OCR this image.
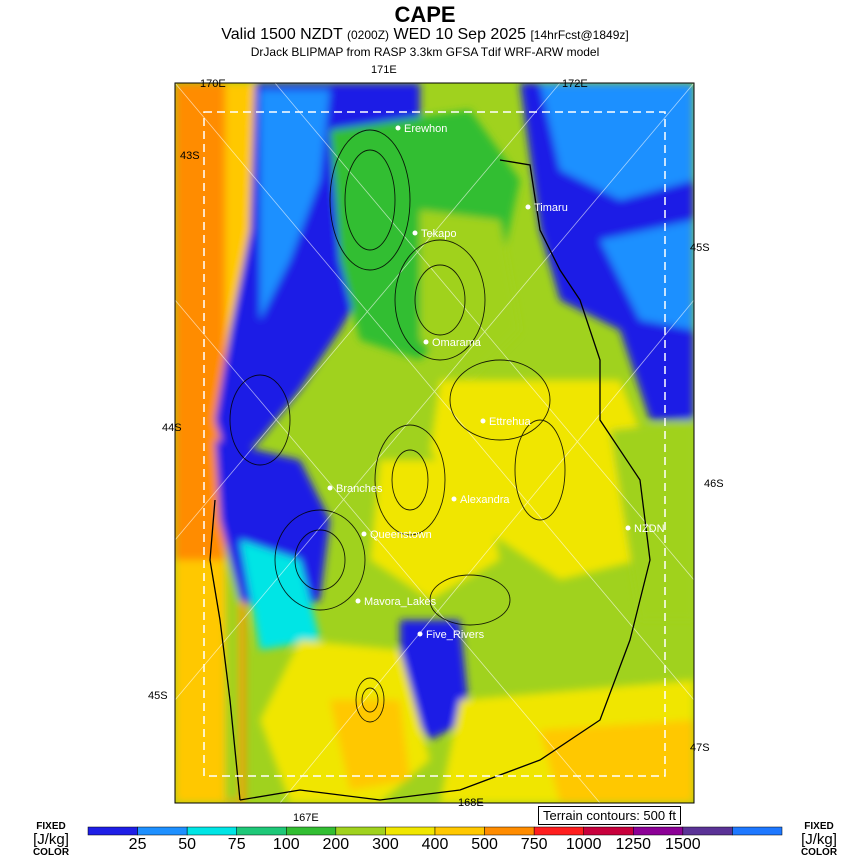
CAPE
Valid 1500 NZDT (0200Z) WED 10 Sep 2025 [14hrFcst@1849z]
DrJack BLIPMAP from RASP 3.3km GFSA Tdif WRF-ARW model
Erewhon
Timaru
Tekapo
Omarama
Ettrehua
Branches
Alexandra
Queenstown	NZDN
Mavora_Lakes
Five_Rivers
171E
170E	172E
167E
168E
43S
44S
45S
45S
46S
47S
Terrain contours: 500 ft
FIXED
[J/kg]
COLOR
FIXED
[J/kg]
COLOR
25 50 75 100 200 300 400 500 750 1000 1250 1500
